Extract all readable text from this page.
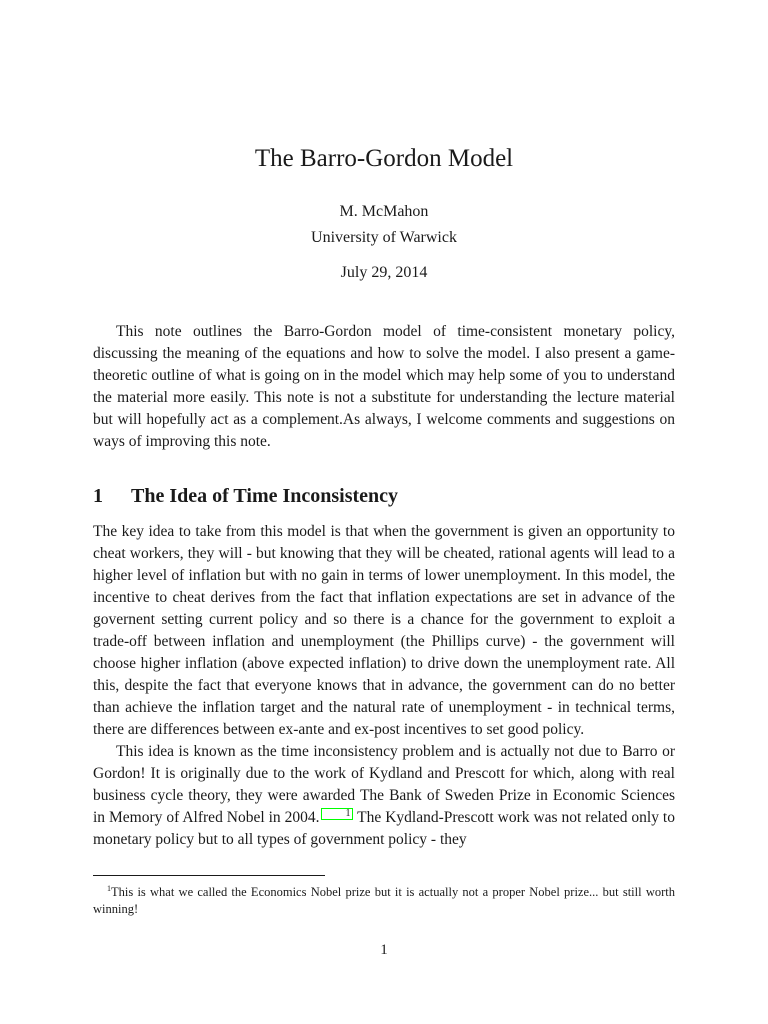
The Barro-Gordon Model
M. McMahon
University of Warwick
July 29, 2014
This note outlines the Barro-Gordon model of time-consistent monetary policy, discussing the meaning of the equations and how to solve the model. I also present a game-theoretic outline of what is going on in the model which may help some of you to understand the material more easily. This note is not a substitute for understanding the lecture material but will hopefully act as a complement.As always, I welcome comments and suggestions on ways of improving this note.
1 The Idea of Time Inconsistency

The key idea to take from this model is that when the government is given an opportunity to cheat workers, they will - but knowing that they will be cheated, rational agents will lead to a higher level of inflation but with no gain in terms of lower unemployment. In this model, the incentive to cheat derives from the fact that inflation expectations are set in advance of the governent setting current policy and so there is a chance for the government to exploit a trade-off between inflation and unemployment (the Phillips curve) - the government will choose higher inflation (above expected inflation) to drive down the unemployment rate. All this, despite the fact that everyone knows that in advance, the government can do no better than achieve the inflation target and the natural rate of unemployment - in technical terms, there are differences between ex-ante and ex-post incentives to set good policy.

This idea is known as the time inconsistency problem and is actually not due to Barro or Gordon! It is originally due to the work of Kydland and Prescott for which, along with real business cycle theory, they were awarded The Bank of Sweden Prize in Economic Sciences in Memory of Alfred Nobel in 2004.	1 The Kydland-Prescott work was not related only to monetary policy but to all types of government policy - they

$^1$This is what we called the Economics Nobel prize but it is actually not a proper Nobel prize... but still worth winning!
1
